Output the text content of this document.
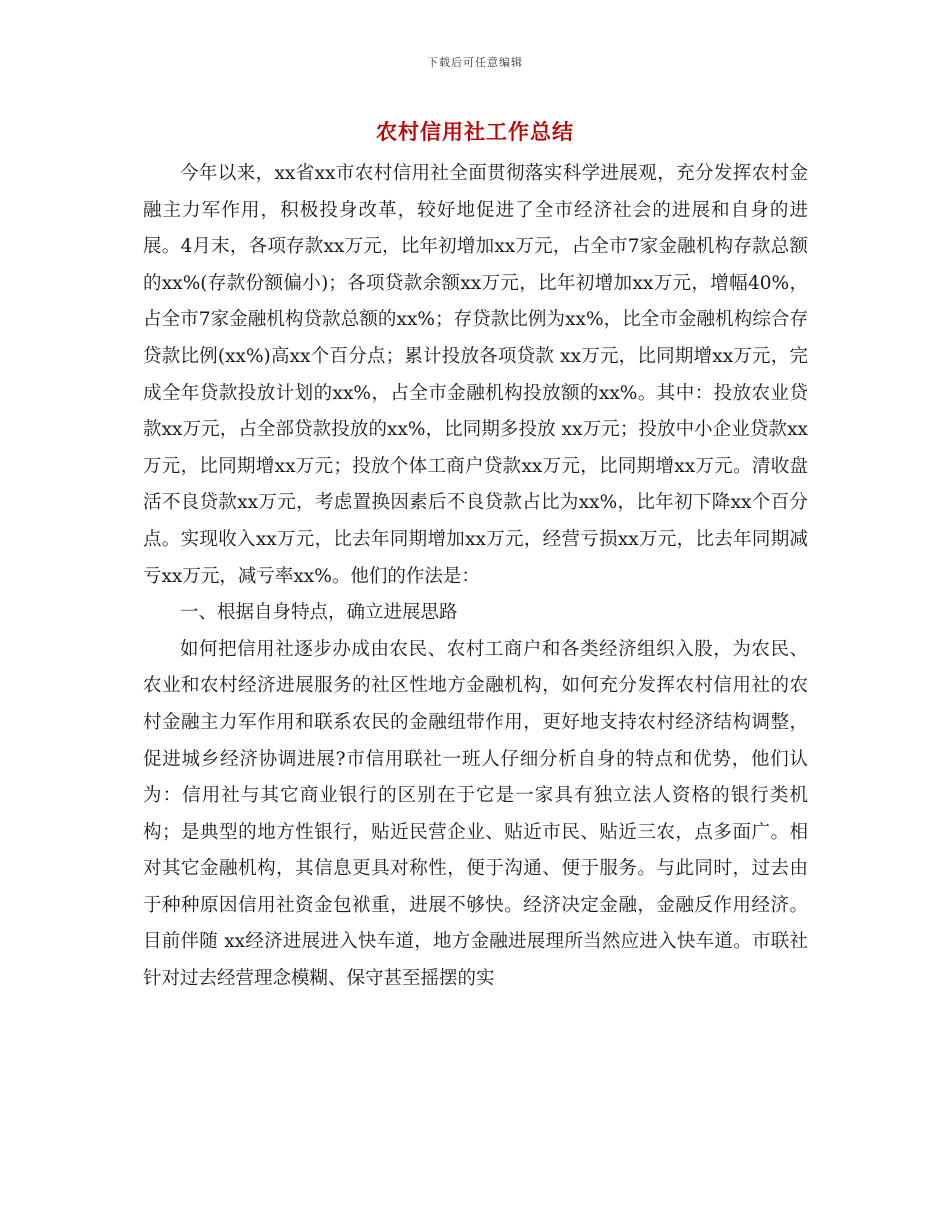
下载后可任意编辑
农村信用社工作总结

今年以来，xx省xx市农村信用社全面贯彻落实科学进展观，充分发挥农村金融主力军作用，积极投身改革，较好地促进了全市经济社会的进展和自身的进展。4月末，各项存款xx万元，比年初增加xx万元，占全市7家金融机构存款总额的xx%(存款份额偏小)；各项贷款余额xx万元，比年初增加xx万元，增幅40%，占全市7家金融机构贷款总额的xx%；存贷款比例为xx%，比全市金融机构综合存贷款比例(xx%)高xx个百分点；累计投放各项贷款 xx万元，比同期增xx万元，完成全年贷款投放计划的xx%，占全市金融机构投放额的xx%。其中：投放农业贷款xx万元，占全部贷款投放的xx%，比同期多投放 xx万元；投放中小企业贷款xx万元，比同期增xx万元；投放个体工商户贷款xx万元，比同期增xx万元。清收盘活不良贷款xx万元，考虑置换因素后不良贷款占比为xx%，比年初下降xx个百分点。实现收入xx万元，比去年同期增加xx万元，经营亏损xx万元，比去年同期减亏xx万元，减亏率xx%。他们的作法是：

一、根据自身特点，确立进展思路

如何把信用社逐步办成由农民、农村工商户和各类经济组织入股，为农民、农业和农村经济进展服务的社区性地方金融机构，如何充分发挥农村信用社的农村金融主力军作用和联系农民的金融纽带作用，更好地支持农村经济结构调整，促进城乡经济协调进展?市信用联社一班人仔细分析自身的特点和优势，他们认为：信用社与其它商业银行的区别在于它是一家具有独立法人资格的银行类机构；是典型的地方性银行，贴近民营企业、贴近市民、贴近三农，点多面广。相对其它金融机构，其信息更具对称性，便于沟通、便于服务。与此同时，过去由于种种原因信用社资金包袱重，进展不够快。经济决定金融，金融反作用经济。目前伴随 xx经济进展进入快车道，地方金融进展理所当然应进入快车道。市联社针对过去经营理念模糊、保守甚至摇摆的实
